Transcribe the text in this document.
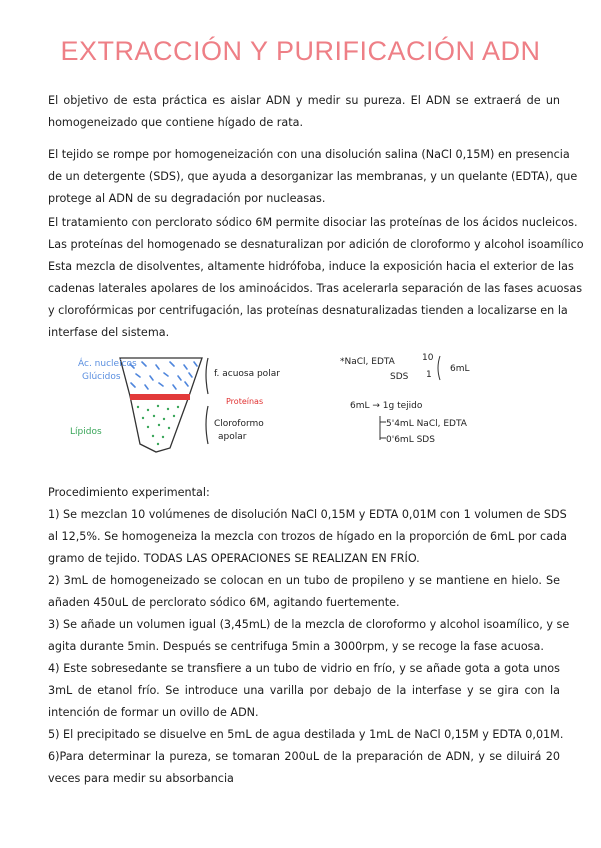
EXTRACCIÓN Y PURIFICACIÓN ADN
El objetivo de esta práctica es aislar ADN y medir su pureza. El ADN se extraerá de un
homogeneizado que contiene hígado de rata.
El tejido se rompe por homogeneización con una disolución salina (NaCl 0,15M) en presencia
de un detergente (SDS), que ayuda a desorganizar las membranas, y un quelante (EDTA), que
protege al ADN de su degradación por nucleasas.
El tratamiento con perclorato sódico 6M permite disociar las proteínas de los ácidos nucleicos.
Las proteínas del homogenado se desnaturalizan por adición de cloroformo y alcohol isoamílico
Esta mezcla de disolventes, altamente hidrófoba, induce la exposición hacia el exterior de las
cadenas laterales apolares de los aminoácidos. Tras acelerarla separación de las fases acuosas
y clorofórmicas por centrifugación, las proteínas desnaturalizadas tienden a localizarse en la
interfase del sistema.
Ác. nucleicos
Glúcidos
Lípidos
Proteínas
f. acuosa polar
Cloroformo
apolar
*NaCl, EDTA	10
SDS 1
6mL
6mL → 1g tejido
5'4mL NaCl, EDTA
0'6mL SDS
Procedimiento experimental:
1) Se mezclan 10 volúmenes de disolución NaCl 0,15M y EDTA 0,01M con 1 volumen de SDS
al 12,5%. Se homogeneiza la mezcla con trozos de hígado en la proporción de 6mL por cada
gramo de tejido. TODAS LAS OPERACIONES SE REALIZAN EN FRÍO.
2) 3mL de homogeneizado se colocan en un tubo de propileno y se mantiene en hielo. Se
añaden 450uL de perclorato sódico 6M, agitando fuertemente.
3) Se añade un volumen igual (3,45mL) de la mezcla de cloroformo y alcohol isoamílico, y se
agita durante 5min. Después se centrifuga 5min a 3000rpm, y se recoge la fase acuosa.
4) Este sobresedante se transfiere a un tubo de vidrio en frío, y se añade gota a gota unos
3mL de etanol frío. Se introduce una varilla por debajo de la interfase y se gira con la
intención de formar un ovillo de ADN.
5) El precipitado se disuelve en 5mL de agua destilada y 1mL de NaCl 0,15M y EDTA 0,01M.
6)Para determinar la pureza, se tomaran 200uL de la preparación de ADN, y se diluirá 20
veces para medir su absorbancia
